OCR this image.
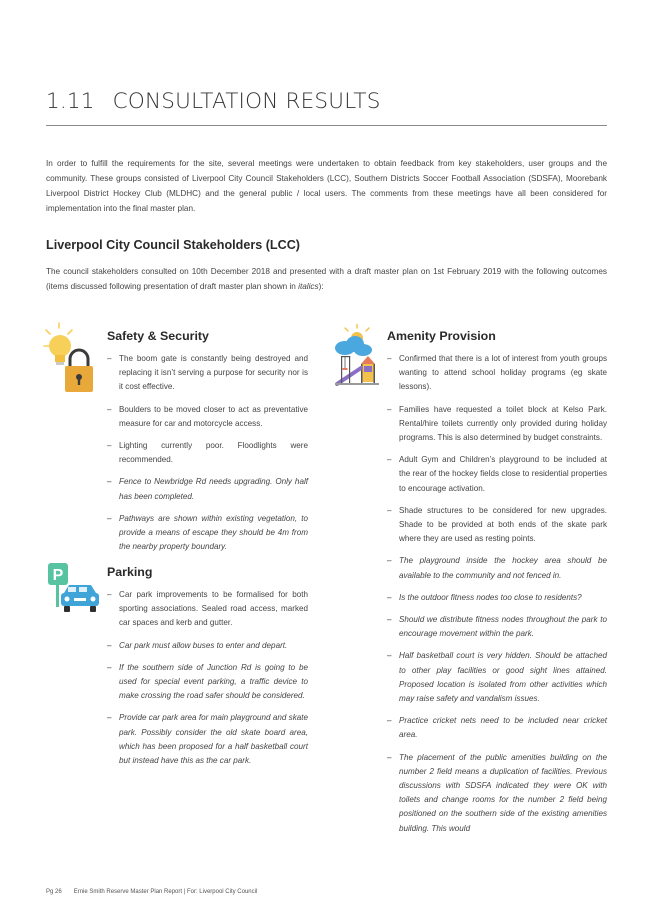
1.11 CONSULTATION RESULTS

In order to fulfill the requirements for the site, several meetings were undertaken to obtain feedback from key stakeholders, user groups and the community. These groups consisted of Liverpool City Council Stakeholders (LCC), Southern Districts Soccer Football Association (SDSFA), Moorebank Liverpool District Hockey Club (MLDHC) and the general public / local users. The comments from these meetings have all been considered for implementation into the final master plan.

Liverpool City Council Stakeholders (LCC)

The council stakeholders consulted on 10th December 2018 and presented with a draft master plan on 1st February 2019 with the following outcomes (items discussed following presentation of draft master plan shown in italics):

Safety & Security
– The boom gate is constantly being destroyed and replacing it isn’t serving a purpose for security nor is it cost effective.
– Boulders to be moved closer to act as preventative measure for car and motorcycle access.
– Lighting currently poor. Floodlights were recommended.
– Fence to Newbridge Rd needs upgrading. Only half has been completed.
– Pathways are shown within existing vegetation, to provide a means of escape they should be 4m from the nearby property boundary.
P	Parking
– Car park improvements to be formalised for both sporting associations. Sealed road access, marked car spaces and kerb and gutter.
– Car park must allow buses to enter and depart.
– If the southern side of Junction Rd is going to be used for special event parking, a traffic device to make crossing the road safer should be considered.
– Provide car park area for main playground and skate park. Possibly consider the old skate board area, which has been proposed for a half basketball court but instead have this as the car park.
Amenity Provision
– Confirmed that there is a lot of interest from youth groups wanting to attend school holiday programs (eg skate lessons).
– Families have requested a toilet block at Kelso Park. Rental/hire toilets currently only provided during holiday programs. This is also determined by budget constraints.
– Adult Gym and Children’s playground to be included at the rear of the hockey fields close to residential properties to encourage activation.
– Shade structures to be considered for new upgrades. Shade to be provided at both ends of the skate park where they are used as resting points.
– The playground inside the hockey area should be available to the community and not fenced in.
– Is the outdoor fitness nodes too close to residents?
– Should we distribute fitness nodes throughout the park to encourage movement within the park.
– Half basketball court is very hidden. Should be attached to other play facilities or good sight lines attained. Proposed location is isolated from other activities which may raise safety and vandalism issues.
– Practice cricket nets need to be included near cricket area.
– The placement of the public amenities building on the number 2 field means a duplication of facilities. Previous discussions with SDSFA indicated they were OK with toilets and change rooms for the number 2 field being positioned on the southern side of the existing amenities building. This would
Pg 26 Ernie Smith Reserve Master Plan Report | For: Liverpool City Council
